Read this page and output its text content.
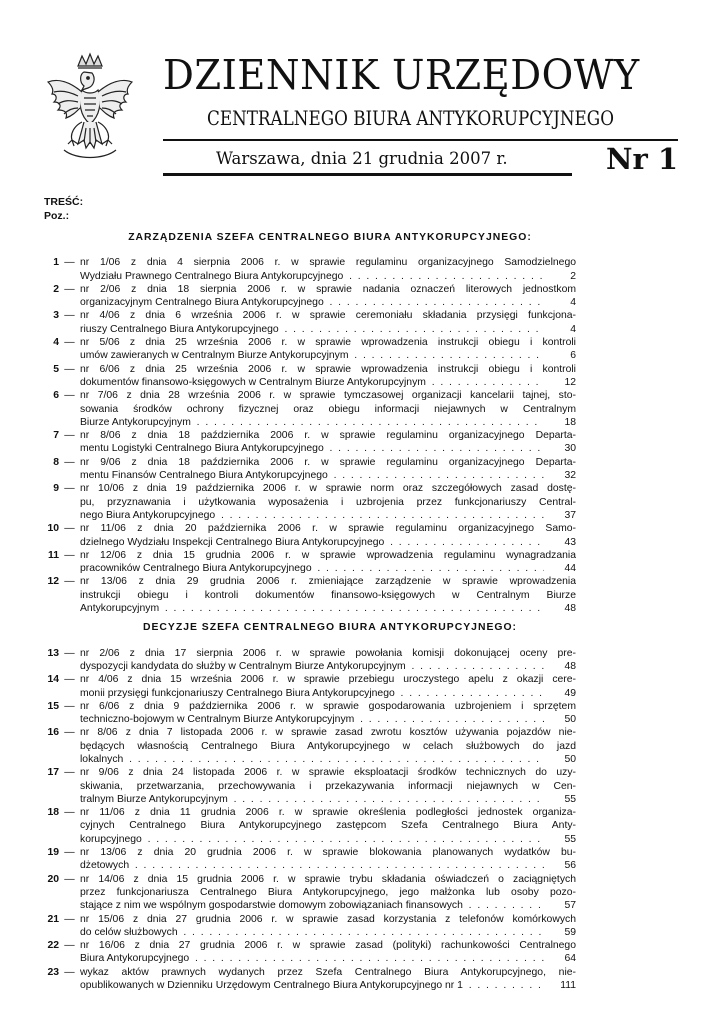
DZIENNIK URZĘDOWY
CENTRALNEGO BIURA ANTYKORUPCYJNEGO
Warszawa, dnia 21 grudnia 2007 r.	Nr 1
TREŚĆ:
Poz.:
ZARZĄDZENIA SZEFA CENTRALNEGO BIURA ANTYKORUPCYJNEGO:
1 — nr 1/06 z dnia 4 sierpnia 2006 r. w sprawie regulaminu organizacyjnego Samodzielnego
Wydziału Prawnego Centralnego Biura Antykorupcyjnego . .	2
2 — nr 2/06 z dnia 18 sierpnia 2006 r. w sprawie nadania oznaczeń literowych jednostkom
organizacyjnym Centralnego Biura Antykorupcyjnego . .	4
3 — nr 4/06 z dnia 6 września 2006 r. w sprawie ceremoniału składania przysięgi funkcjona-
riuszy Centralnego Biura Antykorupcyjnego . .	4
4 — nr 5/06 z dnia 25 września 2006 r. w sprawie wprowadzenia instrukcji obiegu i kontroli
umów zawieranych w Centralnym Biurze Antykorupcyjnym . .	6
5 — nr 6/06 z dnia 25 września 2006 r. w sprawie wprowadzenia instrukcji obiegu i kontroli
dokumentów finansowo-księgowych w Centralnym Biurze Antykorupcyjnym . .	12
6 — nr 7/06 z dnia 28 września 2006 r. w sprawie tymczasowej organizacji kancelarii tajnej, sto-
sowania środków ochrony fizycznej oraz obiegu informacji niejawnych w Centralnym
Biurze Antykorupcyjnym . .	18
7 — nr 8/06 z dnia 18 października 2006 r. w sprawie regulaminu organizacyjnego Departa-
mentu Logistyki Centralnego Biura Antykorupcyjnego . .	30
8 — nr 9/06 z dnia 18 października 2006 r. w sprawie regulaminu organizacyjnego Departa-
mentu Finansów Centralnego Biura Antykorupcyjnego . .	32
9 — nr 10/06 z dnia 19 października 2006 r. w sprawie norm oraz szczegółowych zasad dostę-
pu, przyznawania i użytkowania wyposażenia i uzbrojenia przez funkcjonariuszy Central-
nego Biura Antykorupcyjnego . .	37
10 — nr 11/06 z dnia 20 października 2006 r. w sprawie regulaminu organizacyjnego Samo-
dzielnego Wydziału Inspekcji Centralnego Biura Antykorupcyjnego . .	43
11 — nr 12/06 z dnia 15 grudnia 2006 r. w sprawie wprowadzenia regulaminu wynagradzania
pracowników Centralnego Biura Antykorupcyjnego . .	44
12 — nr 13/06 z dnia 29 grudnia 2006 r. zmieniające zarządzenie w sprawie wprowadzenia
instrukcji obiegu i kontroli dokumentów finansowo-księgowych w Centralnym Biurze
Antykorupcyjnym . .	48
DECYZJE SZEFA CENTRALNEGO BIURA ANTYKORUPCYJNEGO:
13 — nr 2/06 z dnia 17 sierpnia 2006 r. w sprawie powołania komisji dokonującej oceny pre-
dyspozycji kandydata do służby w Centralnym Biurze Antykorupcyjnym . .	48
14 — nr 4/06 z dnia 15 września 2006 r. w sprawie przebiegu uroczystego apelu z okazji cere-
monii przysięgi funkcjonariuszy Centralnego Biura Antykorupcyjnego . .	49
15 — nr 6/06 z dnia 9 października 2006 r. w sprawie gospodarowania uzbrojeniem i sprzętem
techniczno-bojowym w Centralnym Biurze Antykorupcyjnym . .	50
16 — nr 8/06 z dnia 7 listopada 2006 r. w sprawie zasad zwrotu kosztów używania pojazdów nie-
będących własnością Centralnego Biura Antykorupcyjnego w celach służbowych do jazd
lokalnych . .	50
17 — nr 9/06 z dnia 24 listopada 2006 r. w sprawie eksploatacji środków technicznych do uzy-
skiwania, przetwarzania, przechowywania i przekazywania informacji niejawnych w Cen-
tralnym Biurze Antykorupcyjnym . .	55
18 — nr 11/06 z dnia 11 grudnia 2006 r. w sprawie określenia podległości jednostek organiza-
cyjnych Centralnego Biura Antykorupcyjnego zastępcom Szefa Centralnego Biura Anty-
korupcyjnego . .	55
19 — nr 13/06 z dnia 20 grudnia 2006 r. w sprawie blokowania planowanych wydatków bu-
dżetowych . .	56
20 — nr 14/06 z dnia 15 grudnia 2006 r. w sprawie trybu składania oświadczeń o zaciągniętych
przez funkcjonariusza Centralnego Biura Antykorupcyjnego, jego małżonka lub osoby pozo-
stające z nim we wspólnym gospodarstwie domowym zobowiązaniach finansowych . .	57
21 — nr 15/06 z dnia 27 grudnia 2006 r. w sprawie zasad korzystania z telefonów komórkowych
do celów służbowych . .	59
22 — nr 16/06 z dnia 27 grudnia 2006 r. w sprawie zasad (polityki) rachunkowości Centralnego
Biura Antykorupcyjnego . .	64
23 — wykaz aktów prawnych wydanych przez Szefa Centralnego Biura Antykorupcyjnego, nie-
opublikowanych w Dzienniku Urzędowym Centralnego Biura Antykorupcyjnego nr 1 . .	111
